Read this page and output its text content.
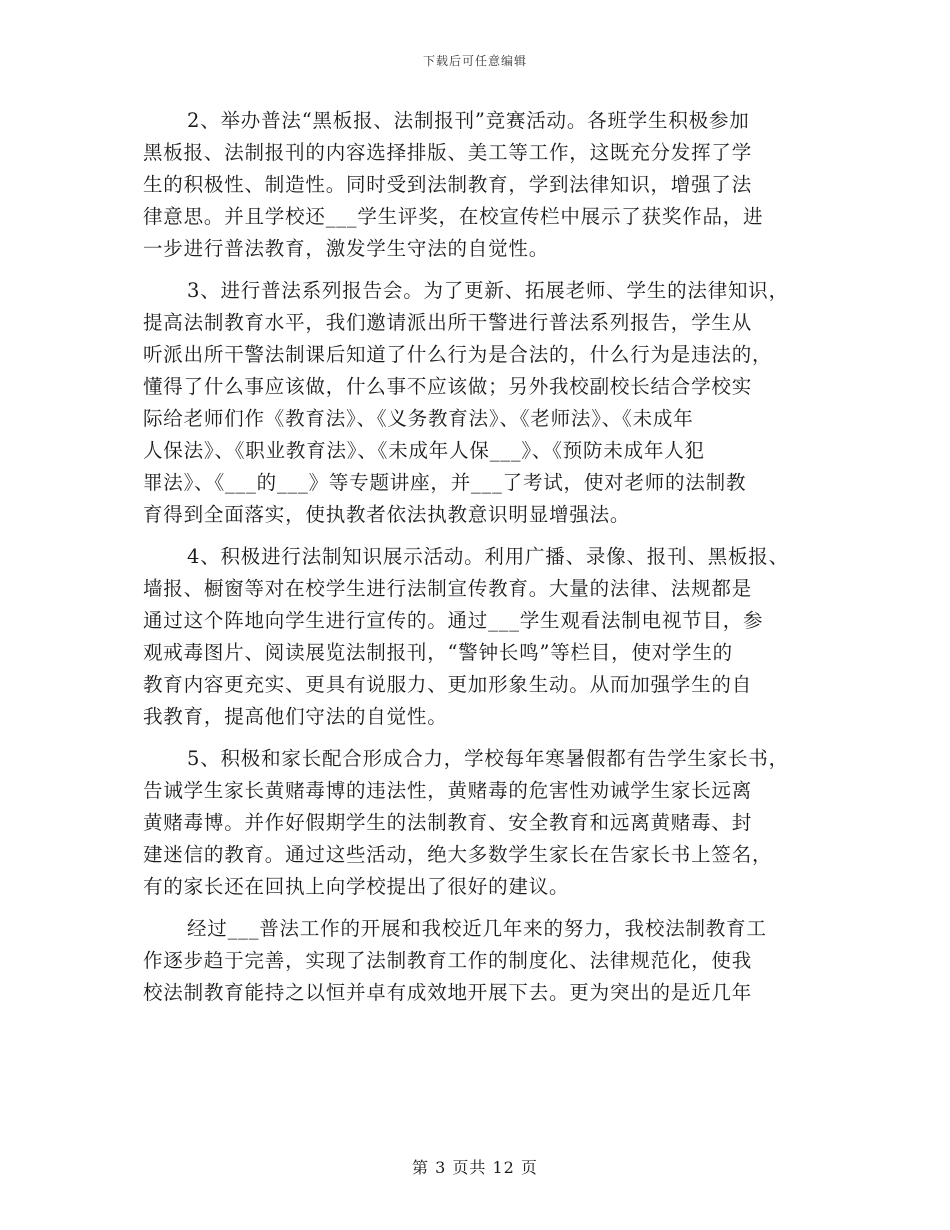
下载后可任意编辑
2、举办普法“黑板报、法制报刊”竞赛活动。各班学生积极参加
黑板报、法制报刊的内容选择排版、美工等工作，这既充分发挥了学
生的积极性、制造性。同时受到法制教育，学到法律知识，增强了法
律意思。并且学校还___学生评奖，在校宣传栏中展示了获奖作品，进
一步进行普法教育，激发学生守法的自觉性。
3、进行普法系列报告会。为了更新、拓展老师、学生的法律知识，
提高法制教育水平，我们邀请派出所干警进行普法系列报告，学生从
听派出所干警法制课后知道了什么行为是合法的，什么行为是违法的，
懂得了什么事应该做，什么事不应该做；另外我校副校长结合学校实
际给老师们作《教育法》、《义务教育法》、《老师法》、《未成年
人保法》、《职业教育法》、《未成年人保___》、《预防未成年人犯
罪法》、《___的___》等专题讲座，并___了考试，使对老师的法制教
育得到全面落实，使执教者依法执教意识明显增强法。
4、积极进行法制知识展示活动。利用广播、录像、报刊、黑板报、
墙报、橱窗等对在校学生进行法制宣传教育。大量的法律、法规都是
通过这个阵地向学生进行宣传的。通过___学生观看法制电视节目，参
观戒毒图片、阅读展览法制报刊，“警钟长鸣”等栏目，使对学生的
教育内容更充实、更具有说服力、更加形象生动。从而加强学生的自
我教育，提高他们守法的自觉性。
5、积极和家长配合形成合力，学校每年寒暑假都有告学生家长书，
告诫学生家长黄赌毒博的违法性，黄赌毒的危害性劝诫学生家长远离
黄赌毒博。并作好假期学生的法制教育、安全教育和远离黄赌毒、封
建迷信的教育。通过这些活动，绝大多数学生家长在告家长书上签名，
有的家长还在回执上向学校提出了很好的建议。
经过___普法工作的开展和我校近几年来的努力，我校法制教育工
作逐步趋于完善，实现了法制教育工作的制度化、法律规范化，使我
校法制教育能持之以恒并卓有成效地开展下去。更为突出的是近几年
第 3 页共 12 页
